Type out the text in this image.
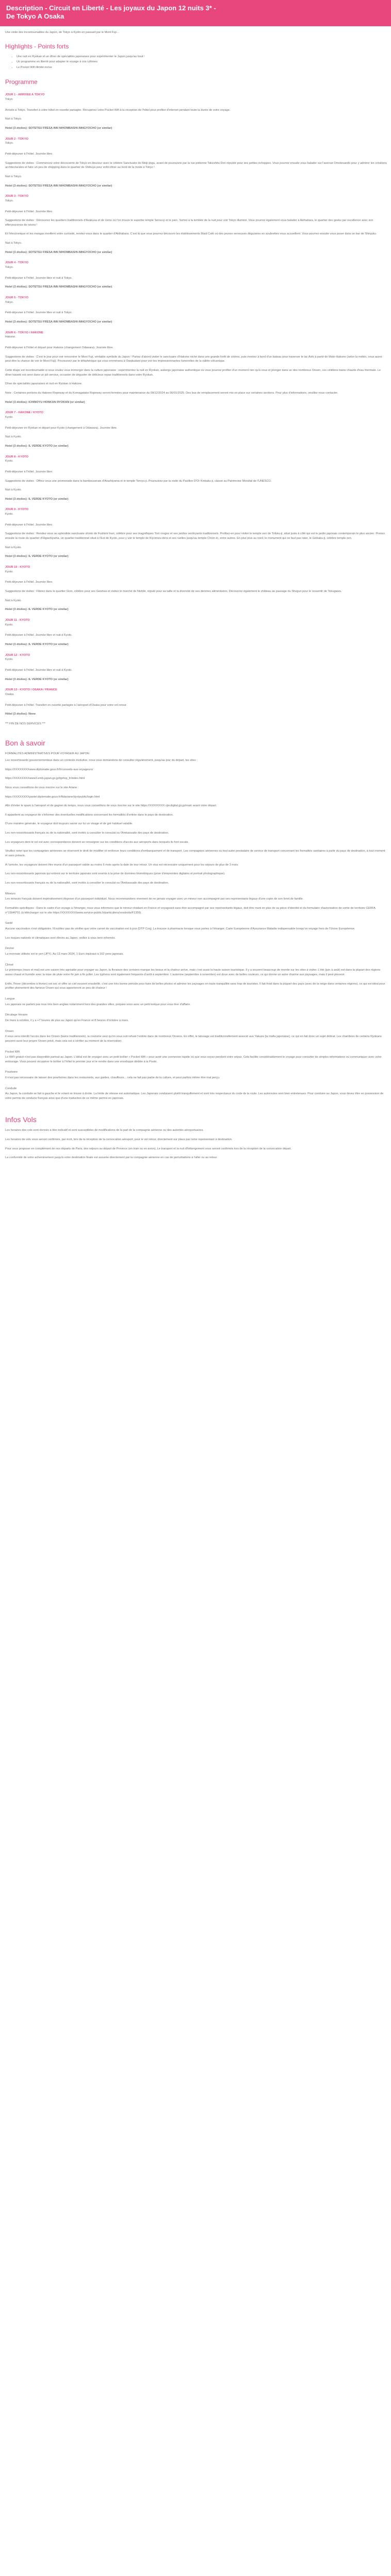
Description - Circuit en Liberté - Les joyaux du Japon 12 nuits 3* -
De Tokyo A Osaka

Une visite des incontournables du Japon, de Tokyo à Kyoto en passant par le Mont Fuji…

Highlights - Points forts
• Une nuit en Ryokan et un dîner de spécialités japonaises pour expérimenter le Japon jusqu'au bout !
• Un programme en liberté pour adapter le voyage à vos rythmes
• Le Pocket Wifi illimité inclus
Programme
JOUR 1 - ARRIVEE A TOKYO
Tokyo

Arrivée à Tokyo. Transfert à votre hôtel en navette partagée. Récupérez votre Pocket Wifi à la réception de l'hôtel pour profiter d'internet pendant toute la durée de votre voyage.

Nuit à Tokyo.

Hotel (3 étoiles): SOTETSU FRESA INN NIHOMBASHI-NINGYOCHO (or similar)

JOUR 2 - TOKYO
Tokyo.

Petit-déjeuner à l'hôtel. Journée libre.

Suggestions de visites : Commencez votre découverte de Tokyo en douceur avec le célèbre Sanctuaire de Meiji-jingu, avant de poursuivre par la rue piétonne Takeshita Dori réputée pour ses petites échoppes. Vous pourrez ensuite vous balader sur l'avenue Omotesando pour y admirer les créations architecturales et faire un peu de shopping dans le quartier de Shibuya pour enfin dîner au bord de la mode à Tokyo !

Nuit à Tokyo.

Hotel (3 étoiles): SOTETSU FRESA INN NIHOMBASHI-NINGYOCHO (or similar)

JOUR 3 - TOKYO
Tokyo.

Petit-déjeuner à l'hôtel. Journée libre.

Suggestions de visites : Découvrez les quartiers traditionnels d'Asakusa et de Ueno où l'on trouve le superbe temple Senso-ji et le parc. Sortez à la tombée de la nuit pour voir Tokyo illuminé. Vous pourrez également vous balader à Akihabara, le quartier des geeks par excellence avec son effervescence de néons !

Et l'électronique et les mangas éveillent votre curiosité, rendez-vous dans le quartier d'Akihabara. C'est là que vous pourrez découvrir les établissements Maid Café où des jeunes serveuses déguisées en soubrettes vous accueillent. Vous pourrez ensuite vous poser dans un bar de Shinjuku.

Nuit à Tokyo.

Hotel (3 étoiles): SOTETSU FRESA INN NIHOMBASHI-NINGYOCHO (or similar)

JOUR 4 - TOKYO
Tokyo.

Petit-déjeuner à l'hôtel. Journée libre et nuit à Tokyo.

Hotel (3 étoiles): SOTETSU FRESA INN NIHOMBASHI-NINGYOCHO (or similar)

JOUR 5 - TOKYO
Tokyo.

Petit-déjeuner à l'hôtel. Journée libre et nuit à Tokyo.

Hotel (3 étoiles): SOTETSU FRESA INN NIHOMBASHI-NINGYOCHO (or similar)

JOUR 6 - TOKYO / HAKONE
Hakone.

Petit-déjeuner à l'hôtel et départ pour Hakone (changement Odawara). Journée libre.

Suggestions de visites : C'est le jour pour voir rencontrer le Mont Fuji, véritable symbole du Japon ! Partez d'abord visiter le sanctuaire d'Hakone niché dans une grande forêt de cèdres, puis montez à bord d'un bateau pour traverser le lac Ashi à partir de Moto-Hakone (selon la météo, vous aurez peut-être la chance de voir le Mont Fuji). Poursuivez par le téléphérique qui vous emmènera à Owakudani pour voir les impressionnantes fumerolles de la vallée volcanique.

Cette étape est incontournable si vous voulez vous immerger dans la culture japonaise : expérimentez la nuit en Ryokan, auberge japonaise authentique où vous pourrez profiter d'un moment rien qu'à vous et plonger dans un des nombreux Onsen, ces célèbres bains chauds d'eau thermale. Le dîner kaiseki est servi dans un joli service, occasion de déguster de délicieux repas traditionnels dans votre Ryokan.

Dîner de spécialités japonaises et nuit en Ryokan à Hakone.

Note : Certaines portions du Hakone Ropeway et du Komagatake Ropeway seront fermées pour maintenance du 09/12/2024 au 06/01/2025. Des bus de remplacement seront mis en place sur certaines sections. Pour plus d'informations, veuillez nous contacter.

Hotel (3 étoiles): ICHINOYU HONKAN RYOKAN (or similar)

JOUR 7 - HAKONE / KYOTO
Kyoto.

Petit-déjeuner en Ryokan et départ pour Kyoto (changement à Odawara). Journée libre.

Nuit à Kyoto.

Hotel (3 étoiles): IL VERDE KYOTO (or similar)

JOUR 8 - KYOTO
Kyoto.

Petit-déjeuner à l'hôtel. Journée libre.

Suggestions de visites : Offrez-vous une promenade dans la bambouseraie d'Arashiyama et le temple Tenryu-ji. Poursuivez par la visite du Pavillon D'Or Kinkaku-ji, classé au Patrimoine Mondial de l'UNESCO.

Nuit à Kyoto.

Hotel (3 étoiles): IL VERDE KYOTO (or similar)

JOUR 9 - KYOTO
Kyoto.

Petit-déjeuner à l'hôtel. Journée libre.

Suggestions de visites : Rendez-vous au splendide sanctuaire shinto de Fushimi Inari, célèbre pour ses magnifiques Torii rouges et ses jardins verdoyants traditionnels. Profitez-en pour visiter le temple zen de Tofuku-ji, situé juste à côté qui est le jardin japonais contemporain le plus ancien. Prenez ensuite la route du quartier d'Higashiyama, un quartier traditionnel situé à l'Est de Kyoto, pour y voir le temple de Kiyomizu-dera et ses ruelles jusqu'au temple Chion-in, entre autres. En plus plus au nord, le monument qui ne faut pas rater, le Ginkaku-ji, célèbre temple zen.

Nuit à Kyoto.

Hotel (3 étoiles): IL VERDE KYOTO (or similar)

JOUR 10 - KYOTO
Kyoto.

Petit-déjeuner à l'hôtel. Journée libre.

Suggestions de visites : Flânez dans le quartier Gion, célèbre pour ses Geishas et visitez le marché de Nishiki, réputé pour sa taille et la diversité de ses denrées alimentaires. Découvrez également le château au passage du Shogun pour le ressentir de Tokugawa.

Nuit à Kyoto.

Hotel (3 étoiles): IL VERDE KYOTO (or similar)

JOUR 11 - KYOTO
Kyoto.

Petit-déjeuner à l'hôtel. Journée libre et nuit à Kyoto.

Hotel (3 étoiles): IL VERDE KYOTO (or similar)

JOUR 12 - KYOTO
Kyoto.

Petit-déjeuner à l'hôtel. Journée libre et nuit à Kyoto.

Hotel (3 étoiles): IL VERDE KYOTO (or similar)

JOUR 13 - KYOTO / OSAKA / FRANCE
Osaka.

Petit-déjeuner à l'hôtel. Transfert en navette partagée à l'aéroport d'Osaka pour votre vol retour.

Hôtel (3 étoiles): None

*** FIN DE NOS SERVICES ***

Bon à savoir

FORMALITÉS ADMINISTRATIVES POUR VOYAGER AU JAPON

Les ressortissants gouvernementaux dans un contexte évolutive, nous vous demandons de consulter régulièrement, jusqu'au jour du départ, les sites :

https://XXXXXXXXwww.diplomatie.gouv.fr/fr/conseils-aux-voyageurs/

https://XXXXXXXXwww3.emb-japan.go.jp/itprtop_fr/index.html

Nous vous conseillons de vous inscrire sur le site Ariane :

https://XXXXXXXXpastel.diplomatie.gouv.fr/fildariane/dyn/public/login.html

Afin d'éviter le spam à l'aéroport et de gagner du temps, nous vous conseillons de vous inscrire sur le site https://XXXXXXXX.vjw.digital.go.jp/main avant votre départ.

Il appartient au voyageur de s'informer des éventuelles modifications concernant les formalités d'entrée dans le pays de destination.

D'une manière générale, le voyageur doit toujours savoir sur lui un visage et de gré habituel valable.

Les non-ressortissants français ou de la nationalité, sont invités à consulter le consulat ou l'Ambassade des pays de destination.

Les voyageurs dont le vol est avec correspondance doivent se renseigner sur les conditions d'accès aux aéroports dans lesquels ils font escale.

Veuillez noter que les compagnies aériennes se réservent le droit de modifier et renforcer leurs conditions d'embarquement et de transport. Les compagnies aériennes ou tout autre prestataire de service de transport concernant les formalités sanitaires à partir du pays de destination, à tout moment et sans préavis.

À l'arrivée, les voyageurs doivent être munis d'un passeport valide au moins 6 mois après la date de leur retour. Un visa est nécessaire uniquement pour les séjours de plus de 3 mois.

Les non-ressortissants japonais qui entrent sur le territoire japonais sont soumis à la prise de données biométriques (prise d'empreintes digitales et portrait photographique).

Les non-ressortissants français ou de la nationalité, sont invités à consulter le consulat ou l'Ambassade des pays de destination.

Mineurs

Les mineurs français doivent impérativement disposer d'un passeport individuel. Nous recommandons vivement de ne jamais voyager avec un mineur non accompagné par ses représentants légaux d'une copie de son livret de famille.

Formalités spécifiques : Dans le cadre d'un voyage à l'étranger, nous vous informons que le mineur résidant en France et voyageant sans être accompagné par ses représentants légaux, doit être muni en plus de sa pièce d'identité et du formulaire d'autorisation de sortie de territoire CERFA n°15646*01 (à télécharger sur le site https://XXXXXXXXwww.service-public.fr/particuliers/vosdroits/F1359).

Santé

Aucune vaccination n'est obligatoire. N'oubliez pas de vérifier que votre carnet de vaccination est à jour (DTP Coq). La trousse à pharmacie lorsque vous partez à l'étranger. Carte Européenne d'Assurance Maladie indispensable lorsqu'on voyage hors de l'Union Européenne.

Les risques naturels et climatiques sont élevés au Japon, veillez à vous tenir informés.

Devise

La monnaie utilisée est le yen (JPY). Au 13 mars 2024, 1 Euro équivaut à 162 yens japonais.

Climat

Le printemps (mars et mai) est une saison très agréable pour voyager au Japon, la floraison des cerisiers marque les beaux et la chaleur arrive, mais c'est aussi la haute saison touristique. Il y a souvent beaucoup de monde sur les sites à visiter. L'été (juin à août) est dans la plupart des régions assez chaud et humide avec la mise de pluie entre fin juin à fin juillet. Les typhons sont également fréquents d'août à septembre. L'automne (septembre à novembre) est doux avec de belles couleurs, ce qui donne un autre charme aux paysages, mais il peut pleuvoir.

Enfin, l'hiver (décembre à février) est sec et offre un ciel souvent ensoleillé, c'est une très bonne période pour faire de belles photos et admirer les paysages en toute tranquillité sans trop de touristes. Il fait froid dans la plupart des pays (avec de la neige dans certaines régions), ce qui est idéal pour profiter pleinement des fameux Onsen qui vous apporteront un peu de chaleur !

Langue

Les japonais ne parlent pas tous très bien anglais notamment hors des grandes villes, prépare-vous avec un petit lexique pour vous tirer d'affaire.

Décalage Horaire

De mars à octobre, il y a +7 heures de plus au Japon qu'en France et 8 heures d'octobre à mars.

Onsen

Il vous sera interdit l'accès dans les Onsen (bains traditionnels), la coutume veut qu'on vous soit refusé l'entrée dans de nombreux Onsens. En effet, le tatouage est traditionnellement associé aux Yakuza (la mafia japonaise), ce qui en fait donc un sujet délicat. Les chambres de certains Ryokans peuvent avoir leur propre Onsen privé, mais cela est à vérifier au moment de la réservation.

Pocket Wifi

Le WiFi gratuit n'est pas disponible partout au Japon. L'idéal est de voyager avec un petit boîtier « Pocket Wifi » pour avoir une connexion rapide où que vous soyez pendant votre séjour. Cela facilite considérablement le voyage pour consulter de simples informations ou communiquer avec votre entourage. Vous pouvez récupérer le boîtier à l'hôtel le premier jour et le rendre dans une enveloppe dédiée à la Poste.

Pourboire

Il n'est pas nécessaire de laisser des pourboires dans les restaurants, aux guides, chauffeurs... cela ne fait pas partie de la culture, et peut parfois même être mal perçu.

Conduite

Au Japon, la conduite se fait à gauche et le volant se trouve à droite. La limite de vitesse est automatique. Les Japonais conduisent plutôt tranquillement et sont très respectueux du code de la route. Les autoroutes sont bien entretenues. Pour conduire au Japon, vous devez être en possession de votre permis de conduire français ainsi que d'une traduction de ce même permis en japonais.

Infos Vols

Les horaires des vols sont donnés à titre indicatif et sont susceptibles de modifications de la part de la compagnie aérienne ou des autorités aéroportuaires.

Les horaires de vols vous seront confirmés, par écrit, lors de la réception de la convocation aéroport, pour le vol retour, directement sur place par notre représentant à destination.

Pour vous proposer en complément de nos départs de Paris, des séjours au départ de Province (en train ou en avion). Le transport et la nuit d'hébergement vous seront confirmés lors de la réception de la convocation départ.

La conformité de votre acheminement jusqu'à votre destination finale est assurée directement par la compagnie aérienne en cas de perturbations à l'aller ou au retour.
